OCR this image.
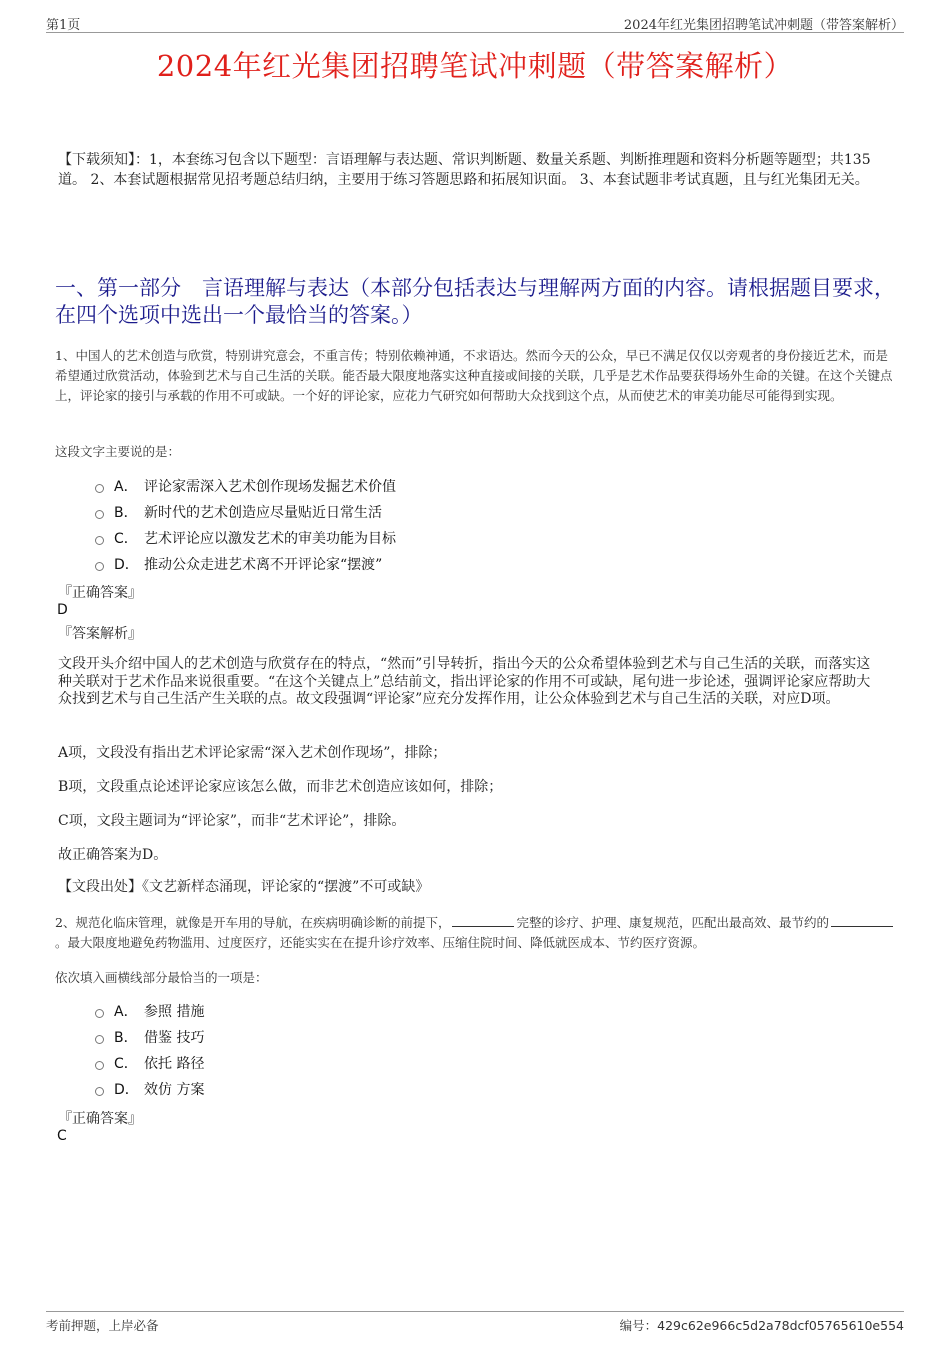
第1页	2024年红光集团招聘笔试冲刺题（带答案解析）
2024年红光集团招聘笔试冲刺题（带答案解析）
【下载须知】：1，本套练习包含以下题型：言语理解与表达题、常识判断题、数量关系题、判断推理题和资料分析题等题型；共135道。 2、本套试题根据常见招考题总结归纳，主要用于练习答题思路和拓展知识面。 3、本套试题非考试真题，且与红光集团无关。
一、第一部分　言语理解与表达（本部分包括表达与理解两方面的内容。请根据题目要求，在四个选项中选出一个最恰当的答案。）
1、中国人的艺术创造与欣赏，特别讲究意会，不重言传；特别依赖神通，不求语达。然而今天的公众，早已不满足仅仅以旁观者的身份接近艺术，而是希望通过欣赏活动，体验到艺术与自己生活的关联。能否最大限度地落实这种直接或间接的关联，几乎是艺术作品要获得场外生命的关键。在这个关键点上，评论家的接引与承载的作用不可或缺。一个好的评论家，应花力气研究如何帮助大众找到这个点，从而使艺术的审美功能尽可能得到实现。
这段文字主要说的是：
A． 评论家需深入艺术创作现场发掘艺术价值
B． 新时代的艺术创造应尽量贴近日常生活
C． 艺术评论应以激发艺术的审美功能为目标
D． 推动公众走进艺术离不开评论家“摆渡”
『正确答案』
D
『答案解析』
文段开头介绍中国人的艺术创造与欣赏存在的特点，“然而”引导转折，指出今天的公众希望体验到艺术与自己生活的关联，而落实这种关联对于艺术作品来说很重要。“在这个关键点上”总结前文，指出评论家的作用不可或缺，尾句进一步论述，强调评论家应帮助大众找到艺术与自己生活产生关联的点。故文段强调“评论家”应充分发挥作用，让公众体验到艺术与自己生活的关联，对应D项。
A项，文段没有指出艺术评论家需“深入艺术创作现场”，排除；
B项，文段重点论述评论家应该怎么做，而非艺术创造应该如何，排除；
C项，文段主题词为“评论家”，而非“艺术评论”，排除。
故正确答案为D。
【文段出处】《文艺新样态涌现，评论家的“摆渡”不可或缺》
2、规范化临床管理，就像是开车用的导航，在疾病明确诊断的前提下，	完整的诊疗、护理、康复规范，匹配出最高效、最节约的。最大限度地避免药物滥用、过度医疗，还能实实在在提升诊疗效率、压缩住院时间、降低就医成本、节约医疗资源。
依次填入画横线部分最恰当的一项是：
A． 参照 措施
B． 借鉴 技巧
C． 依托 路径
D． 效仿 方案
『正确答案』
C
考前押题，上岸必备	编号：429c62e966c5d2a78dcf05765610e554
